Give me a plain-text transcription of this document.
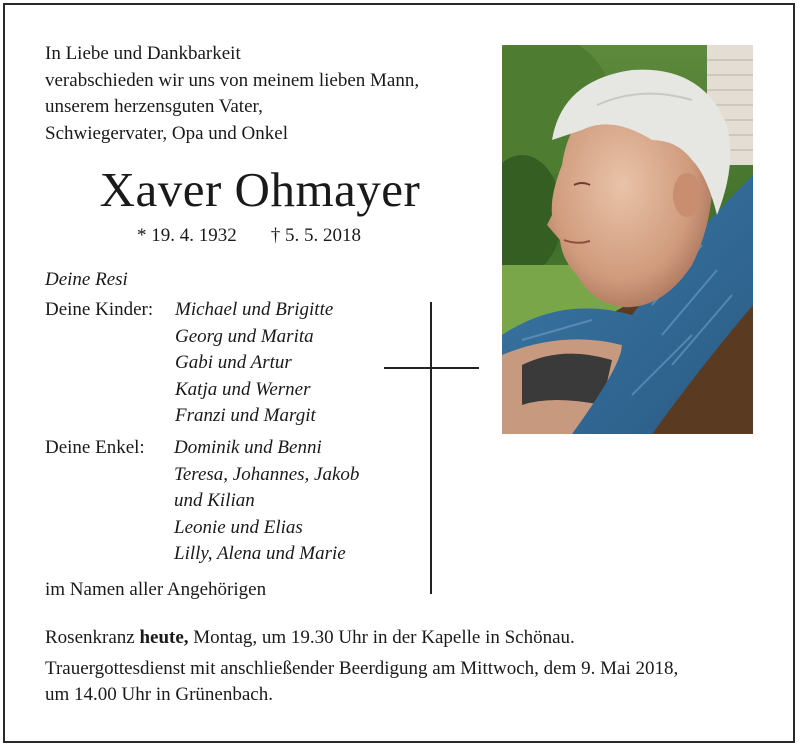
In Liebe und Dankbarkeit
verabschieden wir uns von meinem lieben Mann,
unserem herzensguten Vater,
Schwiegervater, Opa und Onkel
Xaver Ohmayer
* 19. 4. 1932 † 5. 5. 2018
Deine Resi
Deine Kinder: Michael und Brigitte
Georg und Marita
Gabi und Artur
Katja und Werner
Franzi und Margit
Deine Enkel: Dominik und Benni
Teresa, Johannes, Jakob
und Kilian
Leonie und Elias
Lilly, Alena und Marie
im Namen aller Angehörigen
Rosenkranz heute, Montag, um 19.30 Uhr in der Kapelle in Schönau.
Trauergottesdienst mit anschließender Beerdigung am Mittwoch, dem 9. Mai 2018,
um 14.00 Uhr in Grünenbach.
